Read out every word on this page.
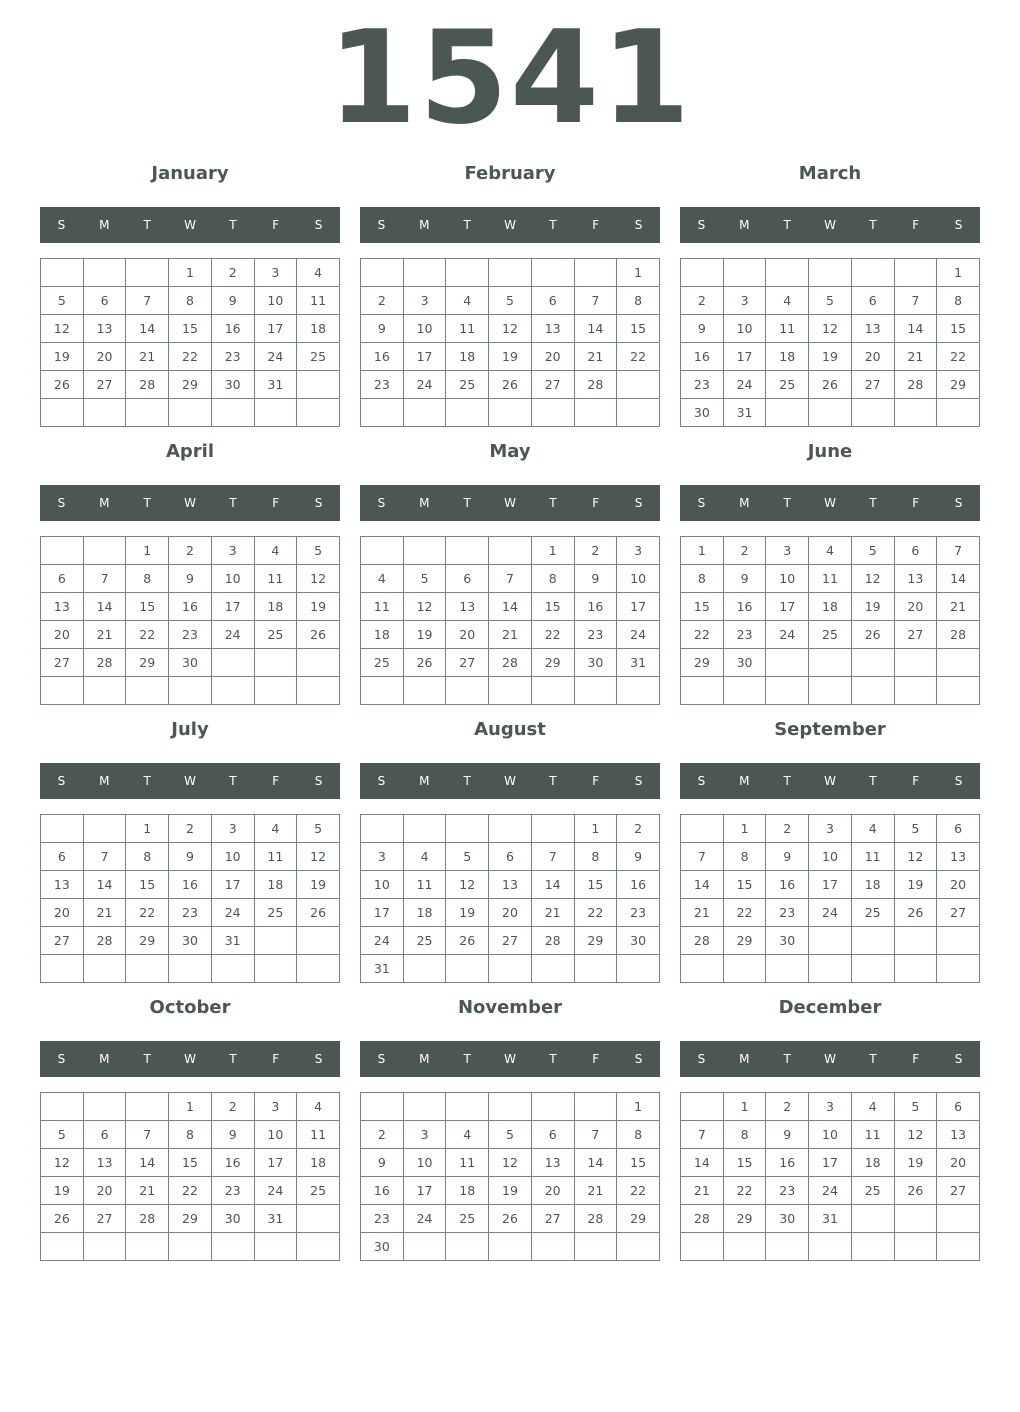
1541
January
S	M	T	W	T	F	S
			1	2	3	4
5	6	7	8	9	10	11
12	13	14	15	16	17	18
19	20	21	22	23	24	25
26	27	28	29	30	31	

February
S	M	T	W	T	F	S
						1
2	3	4	5	6	7	8
9	10	11	12	13	14	15
16	17	18	19	20	21	22
23	24	25	26	27	28	

March
S	M	T	W	T	F	S
						1
2	3	4	5	6	7	8
9	10	11	12	13	14	15
16	17	18	19	20	21	22
23	24	25	26	27	28	29
30	31					
April
S	M	T	W	T	F	S
		1	2	3	4	5
6	7	8	9	10	11	12
13	14	15	16	17	18	19
20	21	22	23	24	25	26
27	28	29	30			

May
S	M	T	W	T	F	S
				1	2	3
4	5	6	7	8	9	10
11	12	13	14	15	16	17
18	19	20	21	22	23	24
25	26	27	28	29	30	31

June
S	M	T	W	T	F	S
1	2	3	4	5	6	7
8	9	10	11	12	13	14
15	16	17	18	19	20	21
22	23	24	25	26	27	28
29	30					

July
S	M	T	W	T	F	S
		1	2	3	4	5
6	7	8	9	10	11	12
13	14	15	16	17	18	19
20	21	22	23	24	25	26
27	28	29	30	31		

August
S	M	T	W	T	F	S
					1	2
3	4	5	6	7	8	9
10	11	12	13	14	15	16
17	18	19	20	21	22	23
24	25	26	27	28	29	30
31						
September
S	M	T	W	T	F	S
	1	2	3	4	5	6
7	8	9	10	11	12	13
14	15	16	17	18	19	20
21	22	23	24	25	26	27
28	29	30				

October
S	M	T	W	T	F	S
			1	2	3	4
5	6	7	8	9	10	11
12	13	14	15	16	17	18
19	20	21	22	23	24	25
26	27	28	29	30	31	

November
S	M	T	W	T	F	S
						1
2	3	4	5	6	7	8
9	10	11	12	13	14	15
16	17	18	19	20	21	22
23	24	25	26	27	28	29
30						
December
S	M	T	W	T	F	S
	1	2	3	4	5	6
7	8	9	10	11	12	13
14	15	16	17	18	19	20
21	22	23	24	25	26	27
28	29	30	31			
